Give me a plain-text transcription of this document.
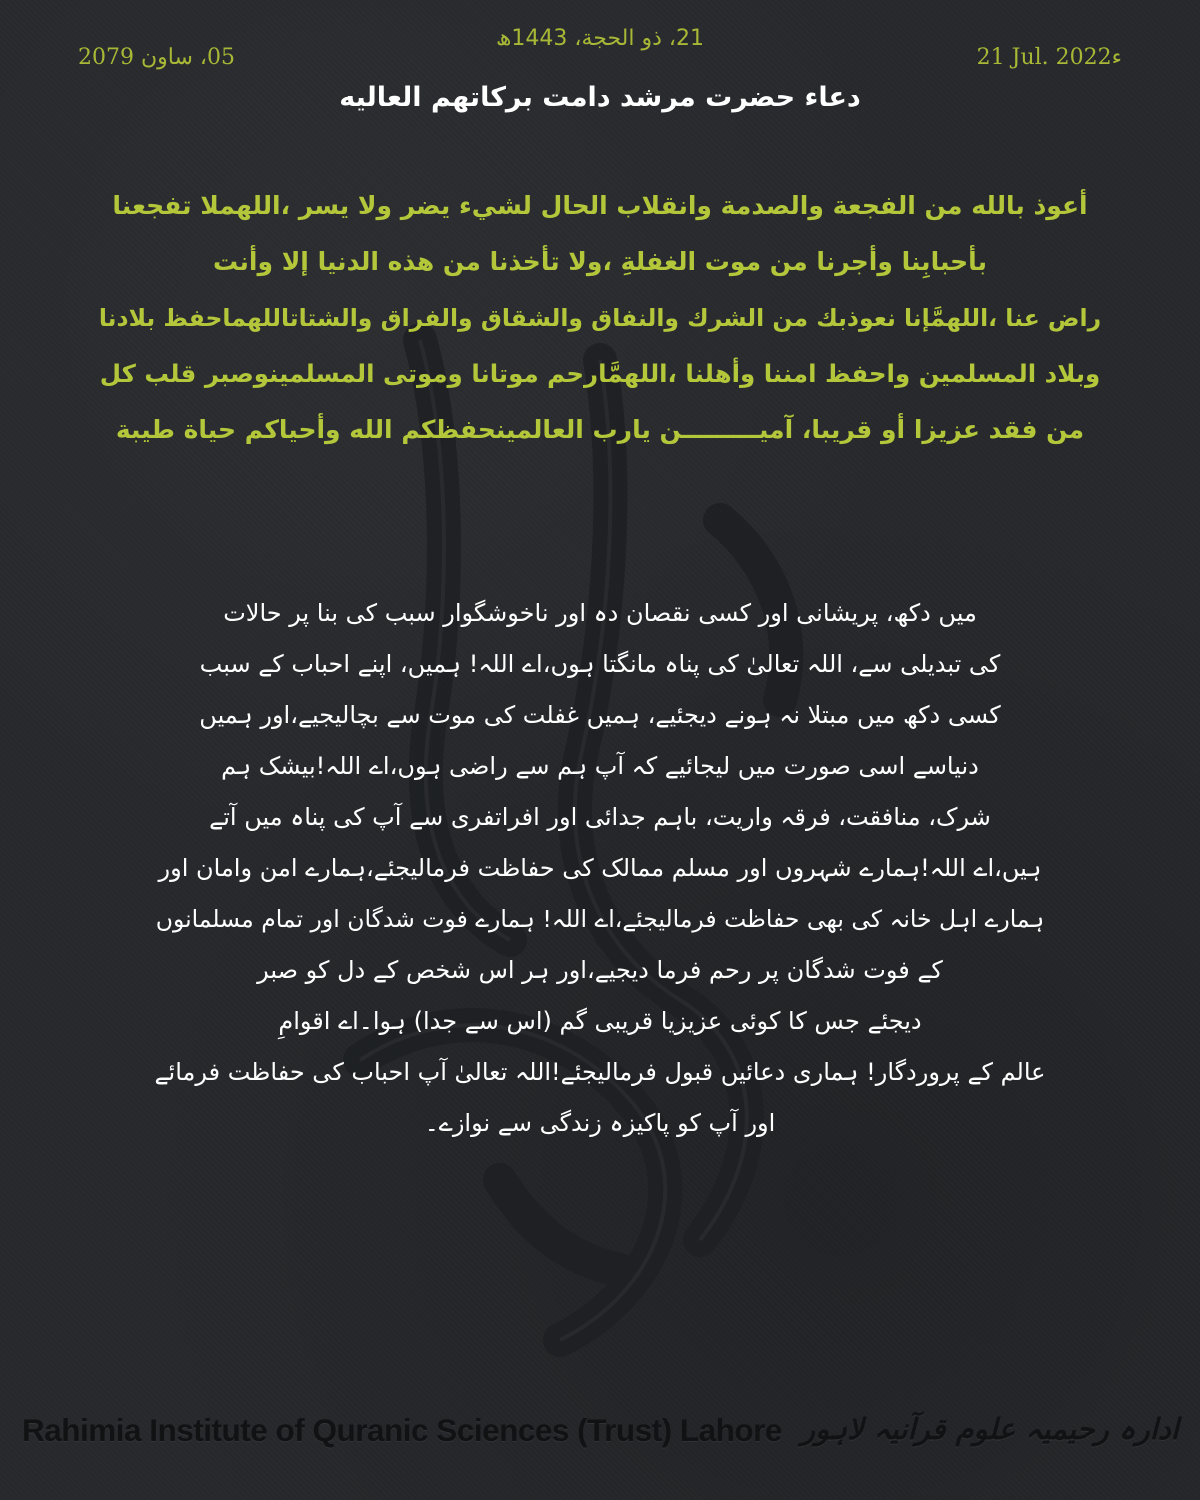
21، ذو الحجة، 1443ھ
05، ساون 2079	21 Jul. 2022ء
دعاء حضرت مرشد دامت برکاتهم العاليه
أعوذ بالله من الفجعة والصدمة وانقلاب الحال لشيء يضر ولا يسر ،اللهملا تفجعنا
بأحبابِنا وأجرنا من موت الغفلةِ ،ولا تأخذنا من هذه الدنيا إلا وأنت
راض عنا ،اللهمَّإنا نعوذبك من الشرك والنفاق والشقاق والفراق والشتاتاللهماحفظ بلادنا
وبلاد المسلمين واحفظ امننا وأهلنا ،اللهمَّارحم موتانا وموتى المسلمينوصبر قلب كل
من فقد عزيزا أو قريبا، آميـــــــــن يارب العالمينحفظكم الله وأحياكم حياة طيبة
میں دکھ، پریشانی اور کسی نقصان دہ اور ناخوشگوار سبب کی بنا پر حالات
کی تبدیلی سے، اللہ تعالیٰ کی پناہ مانگتا ہوں،اے اللہ! ہمیں، اپنے احباب کے سبب
کسی دکھ میں مبتلا نہ ہونے دیجئیے، ہمیں غفلت کی موت سے بچالیجیے،اور ہمیں
دنیاسے اسی صورت میں لیجائیے کہ آپ ہم سے راضی ہوں،اے اللہ!بیشک ہم
شرک، منافقت، فرقہ واریت، باہم جدائی اور افراتفری سے آپ کی پناہ میں آتے
ہیں،اے اللہ!ہمارے شہروں اور مسلم ممالک کی حفاظت فرمالیجئے،ہمارے امن وامان اور
ہمارے اہل خانہ کی بھی حفاظت فرمالیجئے،اے اللہ! ہمارے فوت شدگان اور تمام مسلمانوں
کے فوت شدگان پر رحم فرما دیجیے،اور ہر اس شخص کے دل کو صبر
دیجئے جس کا کوئی عزیزیا قریبی گم (اس سے جدا) ہوا۔اے اقوامِ
عالم کے پروردگار! ہماری دعائیں قبول فرمالیجئے!اللہ تعالیٰ آپ احباب کی حفاظت فرمائے
اور آپ کو پاکیزہ زندگی سے نوازے۔
Rahimia Institute of Quranic Sciences (Trust) Lahore ادارہ رحیمیہ علوم قرآنیہ لاہور
